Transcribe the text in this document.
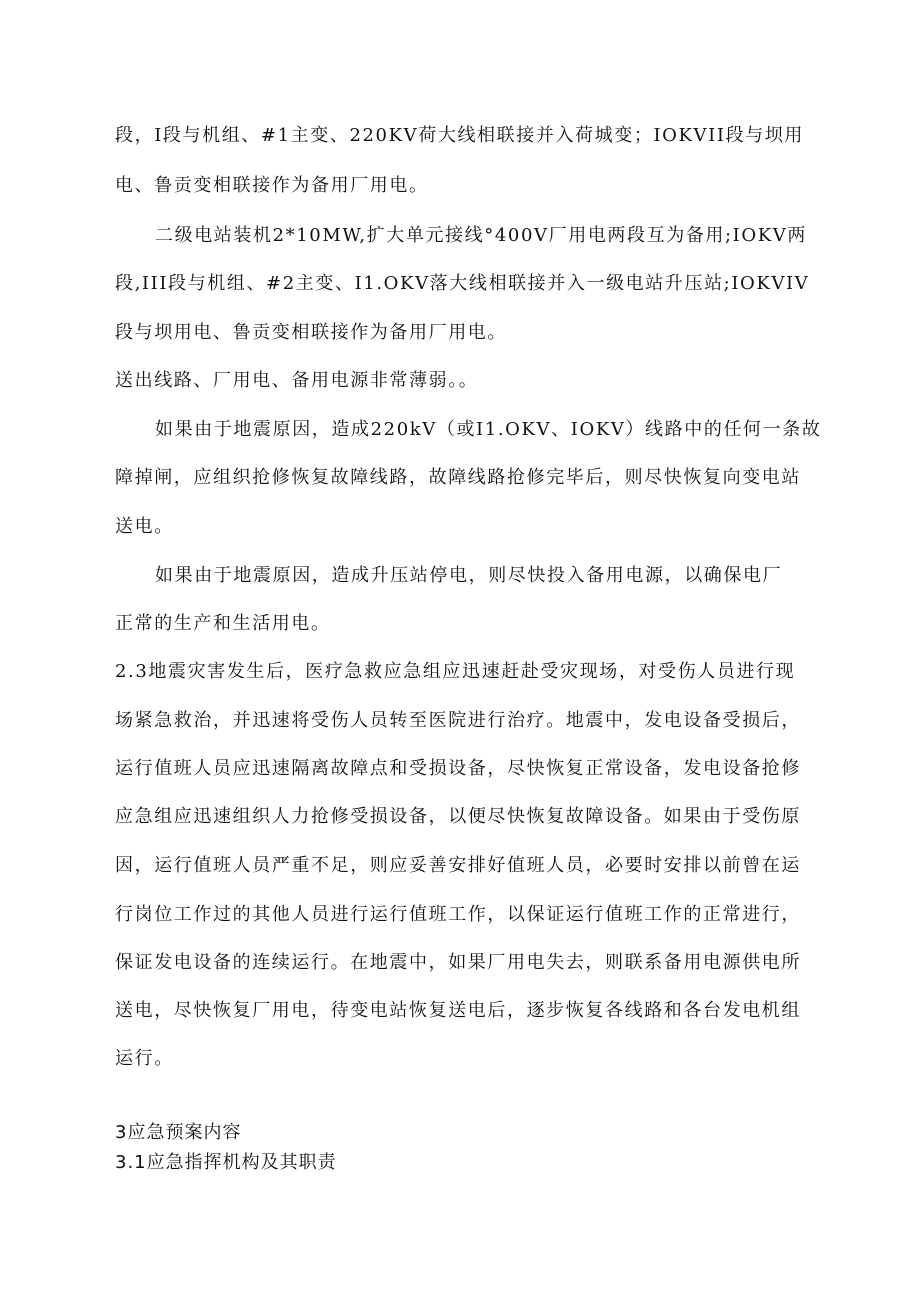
段，I段与机组、#1主变、220KV荷大线相联接并入荷城变；IOKVII段与坝用
电、鲁贡变相联接作为备用厂用电。
二级电站装机2*10MW,扩大单元接线°400V厂用电两段互为备用;IOKV两
段,III段与机组、#2主变、I1.OKV落大线相联接并入一级电站升压站;IOKVIV
段与坝用电、鲁贡变相联接作为备用厂用电。
送出线路、厂用电、备用电源非常薄弱。。
如果由于地震原因，造成220kV（或I1.OKV、IOKV）线路中的任何一条故
障掉闸，应组织抢修恢复故障线路，故障线路抢修完毕后，则尽快恢复向变电站
送电。
如果由于地震原因，造成升压站停电，则尽快投入备用电源，以确保电厂
正常的生产和生活用电。
2.3地震灾害发生后，医疗急救应急组应迅速赶赴受灾现场，对受伤人员进行现
场紧急救治，并迅速将受伤人员转至医院进行治疗。地震中，发电设备受损后，
运行值班人员应迅速隔离故障点和受损设备，尽快恢复正常设备，发电设备抢修
应急组应迅速组织人力抢修受损设备，以便尽快恢复故障设备。如果由于受伤原
因，运行值班人员严重不足，则应妥善安排好值班人员，必要时安排以前曾在运
行岗位工作过的其他人员进行运行值班工作，以保证运行值班工作的正常进行，
保证发电设备的连续运行。在地震中，如果厂用电失去，则联系备用电源供电所
送电，尽快恢复厂用电，待变电站恢复送电后，逐步恢复各线路和各台发电机组
运行。
3应急预案内容
3.1应急指挥机构及其职责
